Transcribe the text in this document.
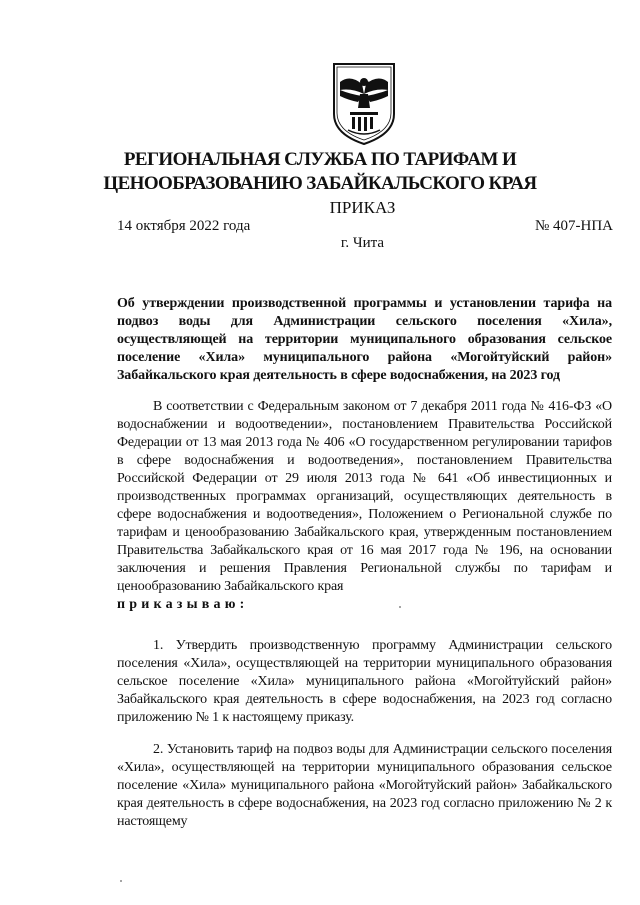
РЕГИОНАЛЬНАЯ СЛУЖБА ПО ТАРИФАМ И
ЦЕНООБРАЗОВАНИЮ ЗАБАЙКАЛЬСКОГО КРАЯ
ПРИКАЗ
14 октября 2022 года	№ 407-НПА
г. Чита
Об утверждении производственной программы и установлении тарифа на подвоз воды для Администрации сельского поселения «Хила», осуществляющей на территории муниципального образования сельское поселение «Хила» муниципального района «Могойтуйский район» Забайкальского края деятельность в сфере водоснабжения, на 2023 год

В соответствии с Федеральным законом от 7 декабря 2011 года № 416-ФЗ «О водоснабжении и водоотведении», постановлением Правительства Российской Федерации от 13 мая 2013 года № 406 «О государственном регулировании тарифов в сфере водоснабжения и водоотведения», постановлением Правительства Российской Федерации от 29 июля 2013 года № 641 «Об инвестиционных и производственных программах организаций, осуществляющих деятельность в сфере водоснабжения и водоотведения», Положением о Региональной службе по тарифам и ценообразованию Забайкальского края, утвержденным постановлением Правительства Забайкальского края от 16 мая 2017 года № 196, на основании заключения и решения Правления Региональной службы по тарифам и ценообразованию Забайкальского края
приказываю:

1. Утвердить производственную программу Администрации сельского поселения «Хила», осуществляющей на территории муниципального образования сельское поселение «Хила» муниципального района «Могойтуйский район» Забайкальского края деятельность в сфере водоснабжения, на 2023 год согласно приложению № 1 к настоящему приказу.

2. Установить тариф на подвоз воды для Администрации сельского поселения «Хила», осуществляющей на территории муниципального образования сельское поселение «Хила» муниципального района «Могойтуйский район» Забайкальского края деятельность в сфере водоснабжения, на 2023 год согласно приложению № 2 к настоящему
